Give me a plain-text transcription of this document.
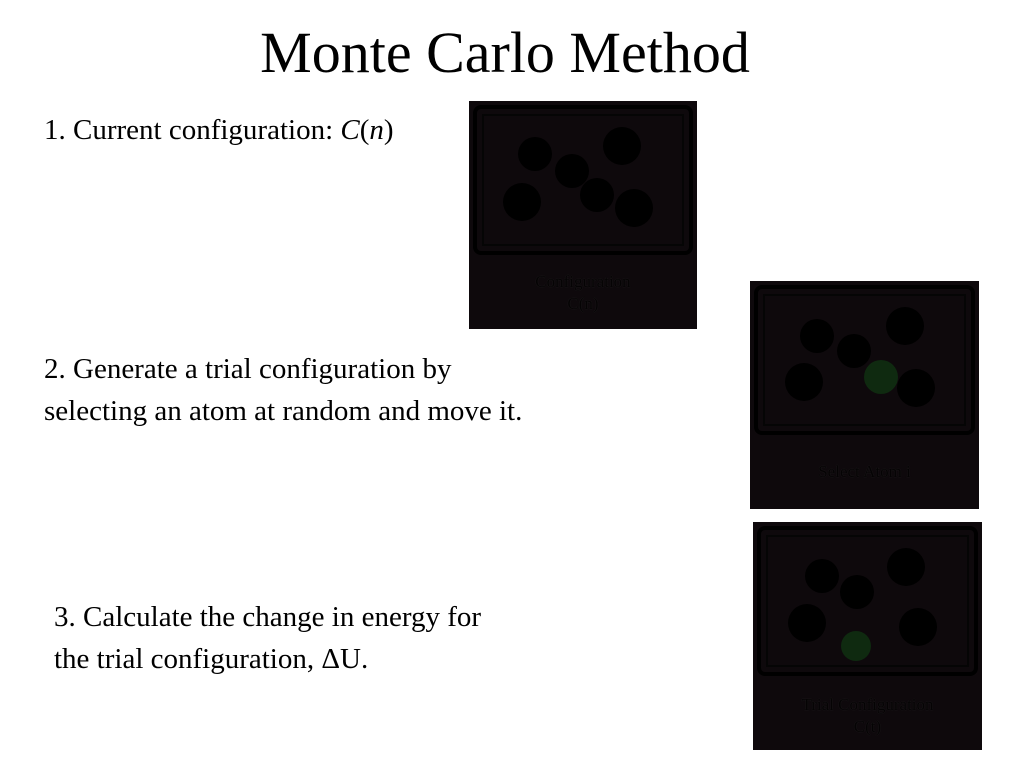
Monte Carlo Method
1. Current configuration: C(n)
2. Generate a trial configuration by
selecting an atom at random and move it.
3. Calculate the change in energy for
the trial configuration, ΔU.
Configuration
C(n)
Select Atom i
Trial Configuration
C(t)
